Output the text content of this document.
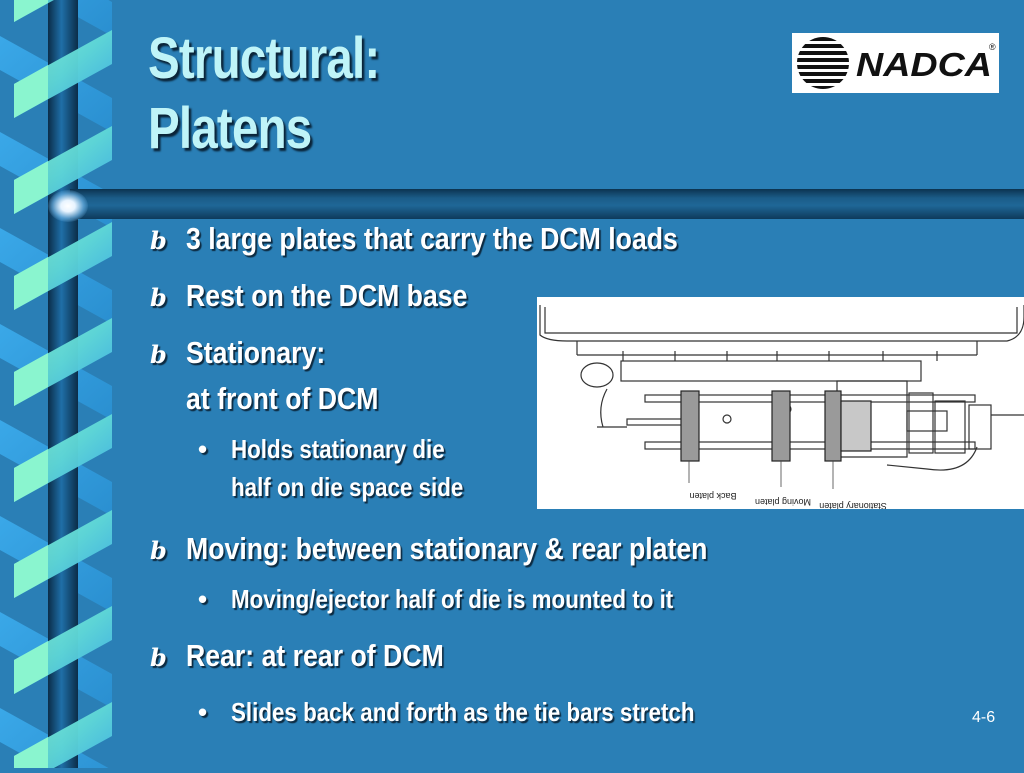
Structural:
Platens
NADCA
®
b 3 large plates that carry the DCM loads
b Rest on the DCM base
b Stationary:
at front of DCM
• Holds stationary die
half on die space side
b Moving: between stationary & rear platen
• Moving/ejector half of die is mounted to it
b Rear: at rear of DCM
• Slides back and forth as the tie bars stretch
Back platen
Moving platen Stationary platen
4-6
